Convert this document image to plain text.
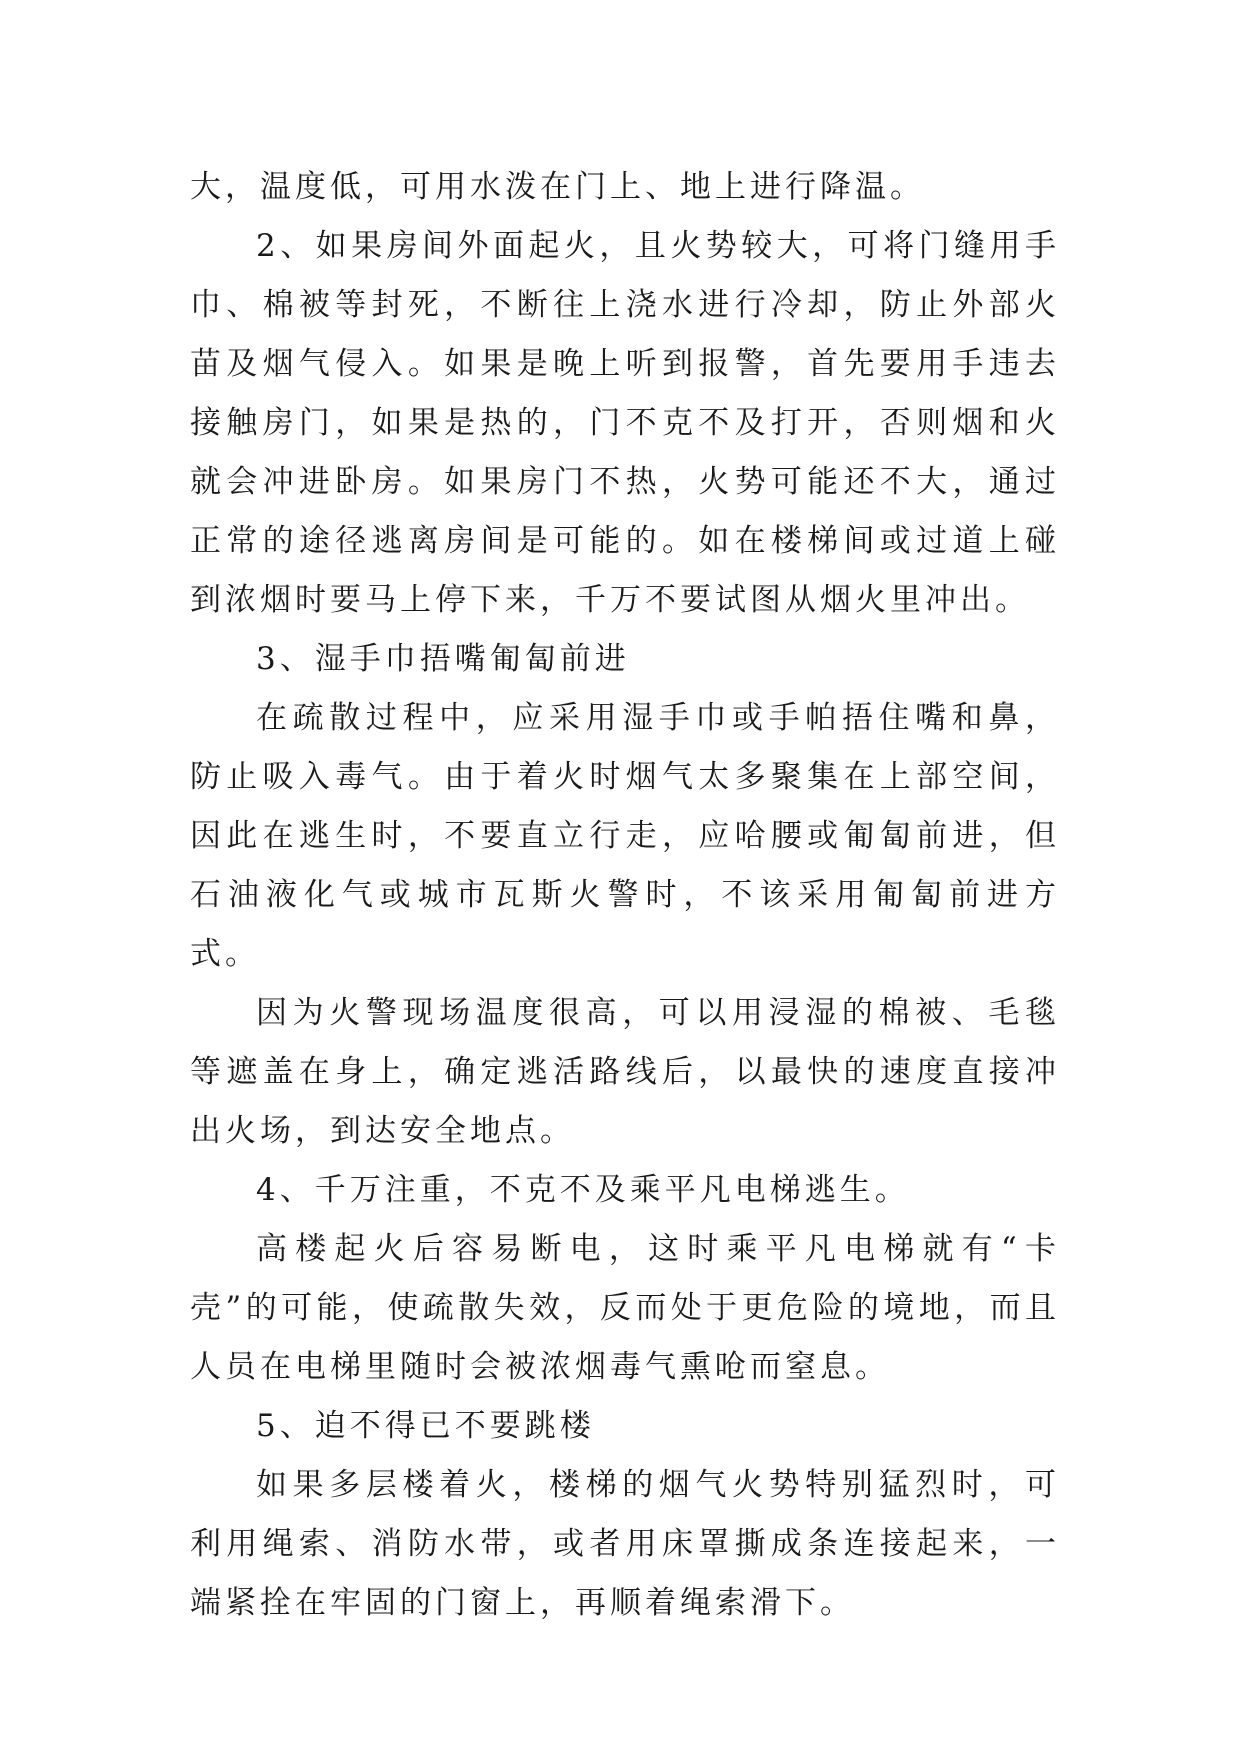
大，温度低，可用水泼在门上、地上进行降温。

2、如果房间外面起火，且火势较大，可将门缝用手巾、棉被等封死，不断往上浇水进行冷却，防止外部火苗及烟气侵入。如果是晚上听到报警，首先要用手违去接触房门，如果是热的，门不克不及打开，否则烟和火就会冲进卧房。如果房门不热，火势可能还不大，通过正常的途径逃离房间是可能的。如在楼梯间或过道上碰到浓烟时要马上停下来，千万不要试图从烟火里冲出。

3、湿手巾捂嘴匍匐前进

在疏散过程中，应采用湿手巾或手帕捂住嘴和鼻，防止吸入毒气。由于着火时烟气太多聚集在上部空间，因此在逃生时，不要直立行走，应哈腰或匍匐前进，但石油液化气或城市瓦斯火警时，不该采用匍匐前进方式。

因为火警现场温度很高，可以用浸湿的棉被、毛毯等遮盖在身上，确定逃活路线后，以最快的速度直接冲出火场，到达安全地点。

4、千万注重，不克不及乘平凡电梯逃生。

高楼起火后容易断电，这时乘平凡电梯就有“卡壳”的可能，使疏散失效，反而处于更危险的境地，而且人员在电梯里随时会被浓烟毒气熏呛而窒息。

5、迫不得已不要跳楼

如果多层楼着火，楼梯的烟气火势特别猛烈时，可利用绳索、消防水带，或者用床罩撕成条连接起来，一端紧拴在牢固的门窗上，再顺着绳索滑下。
